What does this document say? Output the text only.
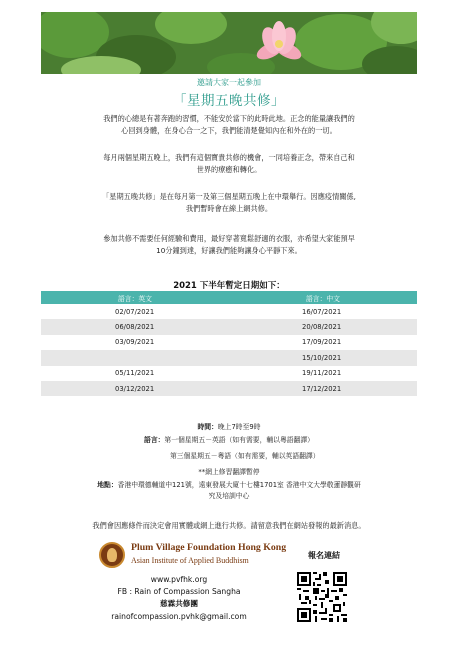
邀請大家一起參加
「星期五晚共修」
我們的心總是有著奔跑的習慣，不能安於當下的此時此地。正念的能量讓我們的
心回到身體，在身心合一之下，我們能清楚覺知內在和外在的一切。
每月兩個星期五晚上，我們有這個寶貴共修的機會，一同培養正念，帶來自己和
世界的療癒和轉化。
「星期五晚共修」是在每月第一及第三個星期五晚上在中環舉行。因應疫情關係,
我們暫時會在線上網共修。
參加共修不需要任何經驗和費用，最好穿著寬鬆舒適的衣服，亦希望大家能預早
10分鐘到達，好讓我們能夠讓身心平靜下來。
2021 下半年暫定日期如下：
語言：英文	語言：中文
02/07/2021	16/07/2021
06/08/2021	20/08/2021
03/09/2021	17/09/2021
	15/10/2021
05/11/2021	19/11/2021
03/12/2021	17/12/2021
時間：晚上7時至9時
語言：第一個星期五－英語（如有需要，輔以粵語翻譯）
第三個星期五－粵語（如有需要，輔以英語翻譯）
**網上修習翻譯暫停
地點：香港中環德輔道中121號，遠東發展大廈十七樓1701室 香港中文大學敬蓮靜觀研
究及培訓中心
我們會因應條件而決定會用實體或網上進行共修。請留意我們在網站發報的最新消息。
Plum Village Foundation Hong Kong
Asian Institute of Applied Buddhism
www.pvfhk.org
FB : Rain of Compassion Sangha
慈霖共修團
rainofcompassion.pvhk@gmail.com
報名連結
